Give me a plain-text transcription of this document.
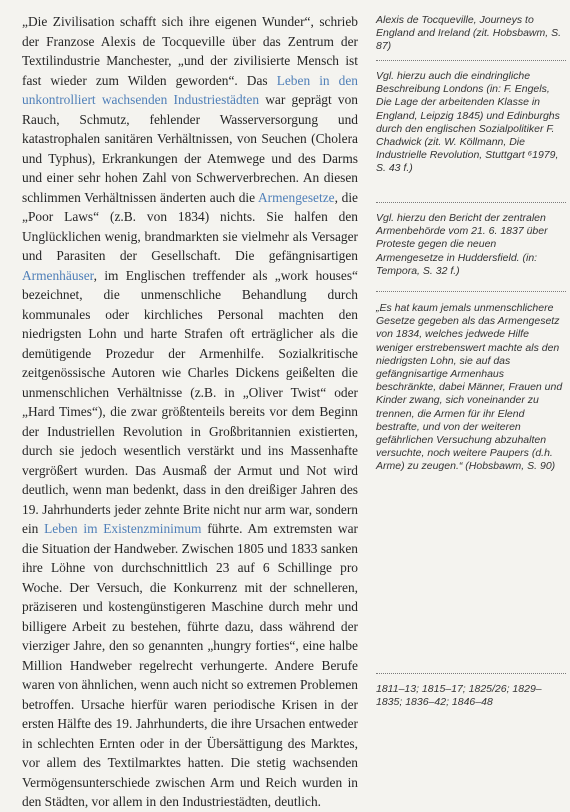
„Die Zivilisation schafft sich ihre eigenen Wunder“, schrieb der Franzose Alexis de Tocqueville über das Zentrum der Textilindustrie Manchester, „und der zivilisierte Mensch ist fast wieder zum Wilden geworden“. Das Leben in den unkontrolliert wachsenden Industriestädten war geprägt von Rauch, Schmutz, fehlender Wasserversorgung und katastrophalen sanitären Verhältnissen, von Seuchen (Cholera und Typhus), Erkrankungen der Atemwege und des Darms und einer sehr hohen Zahl von Schwerverbrechen. An diesen schlimmen Verhältnissen änderten auch die Armengesetze, die „Poor Laws“ (z.B. von 1834) nichts. Sie halfen den Unglücklichen wenig, brandmarkten sie vielmehr als Versager und Parasiten der Gesellschaft. Die gefängnisartigen Armenhäuser, im Englischen treffender als „work houses“ bezeichnet, die unmenschliche Behandlung durch kommunales oder kirchliches Personal machten den niedrigsten Lohn und harte Strafen oft erträglicher als die demütigende Prozedur der Armenhilfe. Sozialkritische zeitgenössische Autoren wie Charles Dickens geißelten die unmenschlichen Verhältnisse (z.B. in „Oliver Twist“ oder „Hard Times“), die zwar größtenteils bereits vor dem Beginn der Industriellen Revolution in Großbritannien existierten, durch sie jedoch wesentlich verstärkt und ins Massenhafte vergrößert wurden. Das Ausmaß der Armut und Not wird deutlich, wenn man bedenkt, dass in den dreißiger Jahren des 19. Jahrhunderts jeder zehnte Brite nicht nur arm war, sondern ein Leben im Existenzminimum führte. Am extremsten war die Situation der Handweber. Zwischen 1805 und 1833 sanken ihre Löhne von durchschnittlich 23 auf 6 Schillinge pro Woche. Der Versuch, die Konkurrenz mit der schnelleren, präziseren und kostengünstigeren Maschine durch mehr und billigere Arbeit zu bestehen, führte dazu, dass während der vierziger Jahre, den so genannten „hungry forties“, eine halbe Million Handweber regelrecht verhungerte. Andere Berufe waren von ähnlichen, wenn auch nicht so extremen Problemen betroffen. Ursache hierfür waren periodische Krisen in der ersten Hälfte des 19. Jahrhunderts, die ihre Ursachen entweder in schlechten Ernten oder in der Übersättigung des Marktes, vor allem des Textilmarktes hatten. Die stetig wachsenden Vermögensunterschiede zwischen Arm und Reich wurden in den Städten, vor allem in den Industriestädten, deutlich.

Alexis de Tocqueville, Journeys to England and Ireland (zit. Hobsbawm, S. 87)

Vgl. hierzu auch die eindringliche Beschreibung Londons (in: F. Engels, Die Lage der arbeitenden Klasse in England, Leipzig 1845) und Edinburghs durch den englischen Sozialpolitiker F. Chadwick (zit. W. Köllmann, Die Industrielle Revolution, Stuttgart ⁶1979, S. 43 f.)

Vgl. hierzu den Bericht der zentralen Armenbehörde vom 21. 6. 1837 über Proteste gegen die neuen Armengesetze in Huddersfield. (in: Tempora, S. 32 f.)

„Es hat kaum jemals unmenschlichere Gesetze gegeben als das Armengesetz von 1834, welches jedwede Hilfe weniger erstrebenswert machte als den niedrigsten Lohn, sie auf das gefängnisartige Armenhaus beschränkte, dabei Männer, Frauen und Kinder zwang, sich voneinander zu trennen, die Armen für ihr Elend bestrafte, und von der weiteren gefährlichen Versuchung abzuhalten versuchte, noch weitere Paupers (d.h. Arme) zu zeugen.“ (Hobsbawm, S. 90)

1811–13; 1815–17; 1825/26; 1829–1835; 1836–42; 1846–48
